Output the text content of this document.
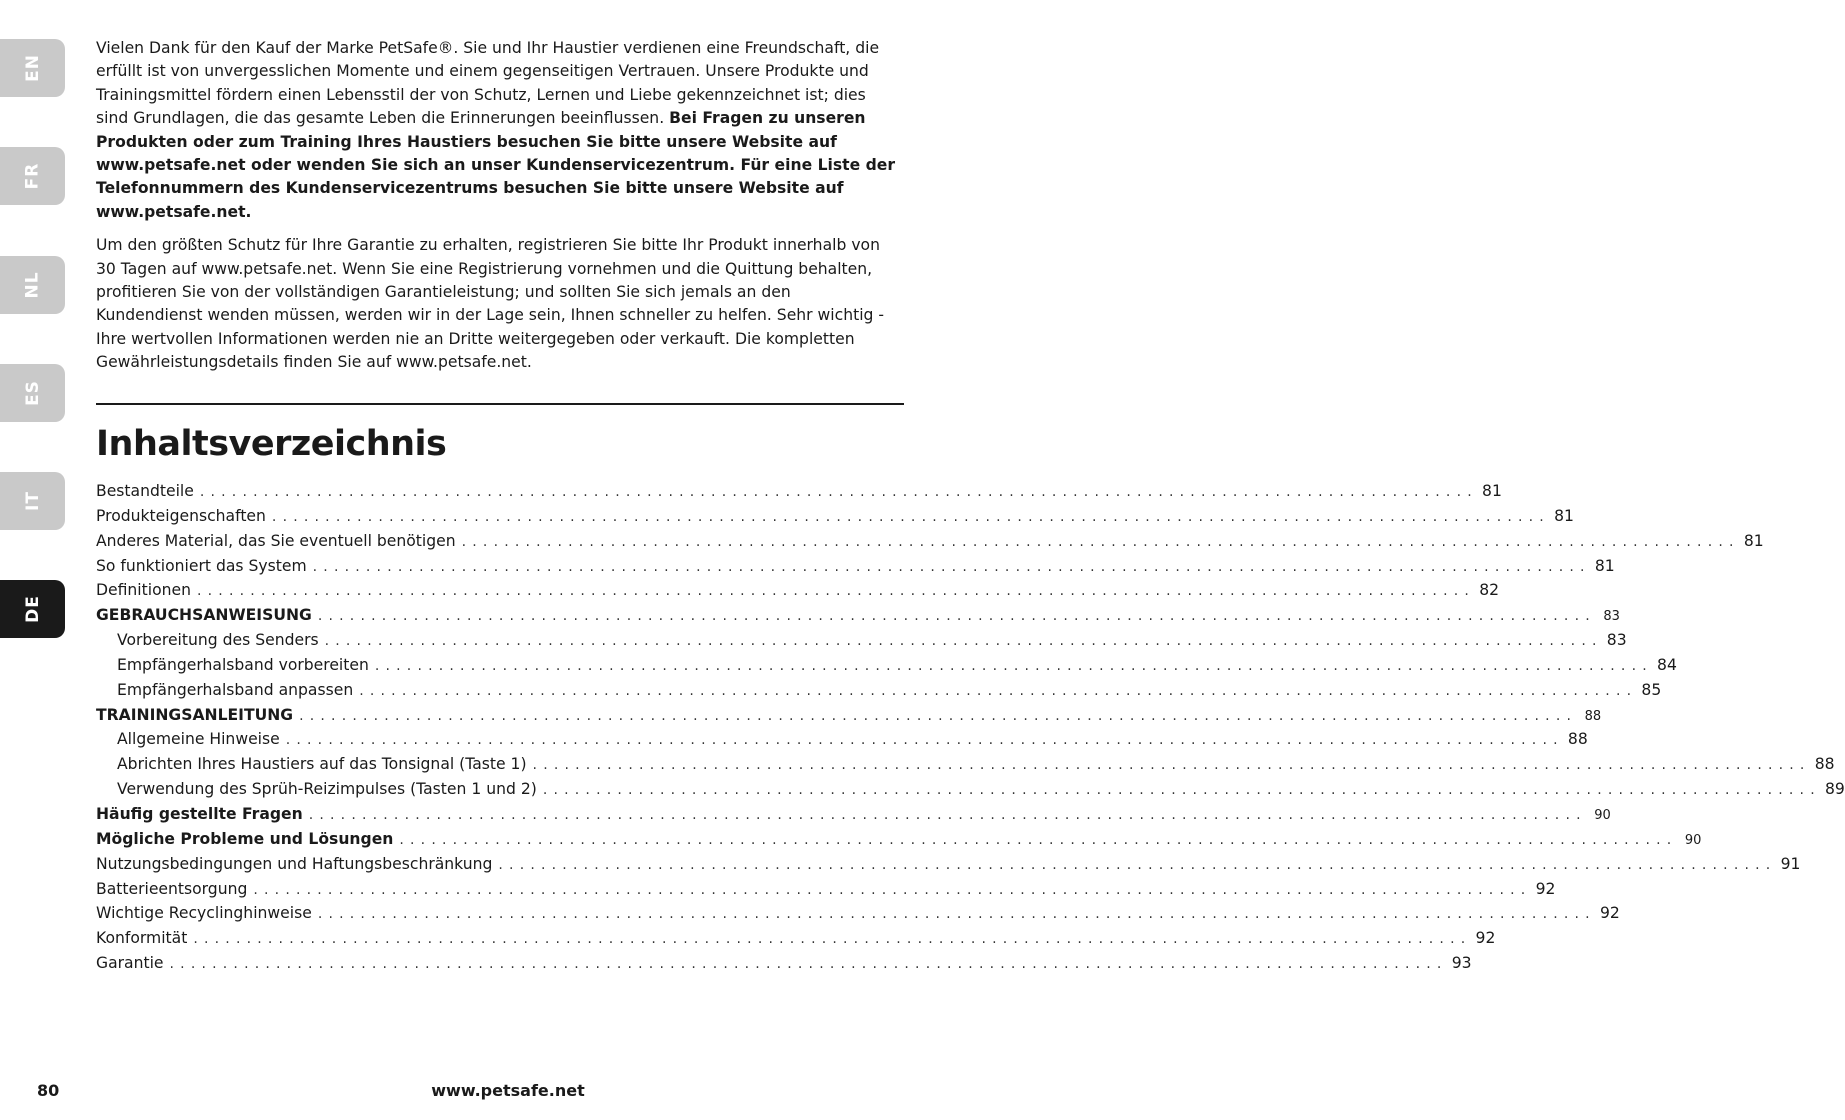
EN
FR
NL
ES
IT
DE

Vielen Dank für den Kauf der Marke PetSafe®. Sie und Ihr Haustier verdienen eine Freundschaft, die erfüllt ist von unvergesslichen Momente und einem gegenseitigen Vertrauen. Unsere Produkte und Trainingsmittel fördern einen Lebensstil der von Schutz, Lernen und Liebe gekennzeichnet ist; dies sind Grundlagen, die das gesamte Leben die Erinnerungen beeinflussen. Bei Fragen zu unseren Produkten oder zum Training Ihres Haustiers besuchen Sie bitte unsere Website auf www.petsafe.net oder wenden Sie sich an unser Kundenservicezentrum. Für eine Liste der Telefonnummern des Kundenservicezentrums besuchen Sie bitte unsere Website auf www.petsafe.net.

Um den größten Schutz für Ihre Garantie zu erhalten, registrieren Sie bitte Ihr Produkt innerhalb von 30 Tagen auf www.petsafe.net. Wenn Sie eine Registrierung vornehmen und die Quittung behalten, profitieren Sie von der vollständigen Garantieleistung; und sollten Sie sich jemals an den Kundendienst wenden müssen, werden wir in der Lage sein, Ihnen schneller zu helfen. Sehr wichtig - Ihre wertvollen Informationen werden nie an Dritte weitergegeben oder verkauft. Die kompletten Gewährleistungsdetails finden Sie auf www.petsafe.net.

Inhaltsverzeichnis
Bestandteile ........................................................................................................................ 81
Produkteigenschaften ........................................................................................................................ 81
Anderes Material, das Sie eventuell benötigen ........................................................................................................................ 81
So funktioniert das System ........................................................................................................................ 81
Definitionen ........................................................................................................................ 82
GEBRAUCHSANWEISUNG ........................................................................................................................ 83
Vorbereitung des Senders ........................................................................................................................ 83
Empfängerhalsband vorbereiten ........................................................................................................................ 84
Empfängerhalsband anpassen ........................................................................................................................ 85
TRAININGSANLEITUNG ........................................................................................................................ 88
Allgemeine Hinweise ........................................................................................................................ 88
Abrichten Ihres Haustiers auf das Tonsignal (Taste 1) ........................................................................................................................ 88
Verwendung des Sprüh-Reizimpulses (Tasten 1 und 2) ........................................................................................................................ 89
Häufig gestellte Fragen ........................................................................................................................ 90
Mögliche Probleme und Lösungen ........................................................................................................................ 90
Nutzungsbedingungen und Haftungsbeschränkung ........................................................................................................................ 91
Batterieentsorgung ........................................................................................................................ 92
Wichtige Recyclinghinweise ........................................................................................................................ 92
Konformität ........................................................................................................................ 92
Garantie ........................................................................................................................ 93
80	www.petsafe.net
